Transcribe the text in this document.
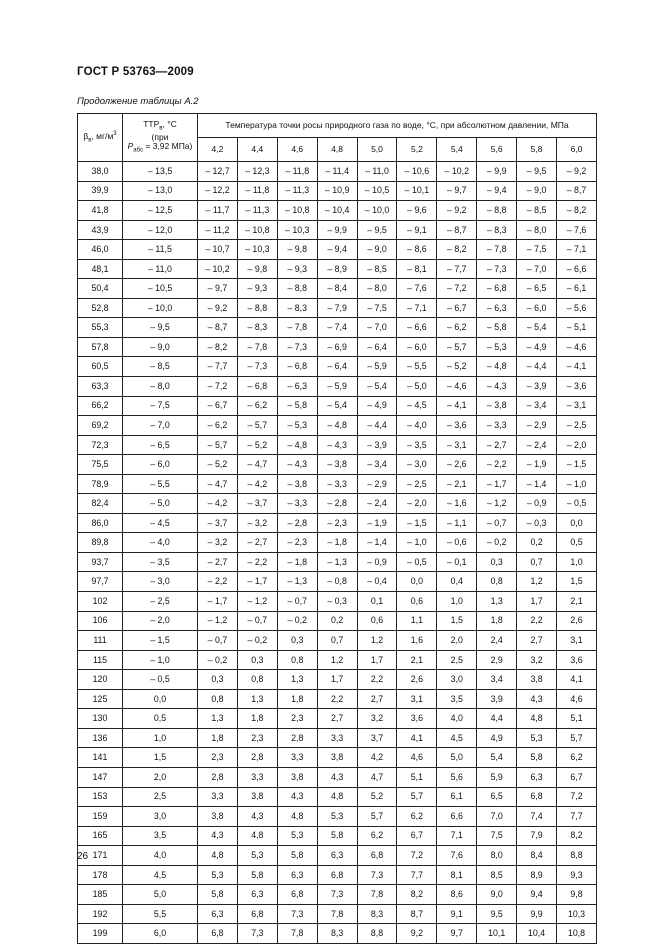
ГОСТ Р 53763—2009
Продолжение таблицы А.2
$\beta_в$, $мг/м^3$	$ТТР_в$, °С
(при
$P_{абс} = 3,92$ МПа)	Температура точки росы природного газа по воде, °С, при абсолютном давлении, МПа									
		4,2	4,4	4,6	4,8	5,0	5,2	5,4	5,6	5,8	6,0
38,0	– 13,5	– 12,7	– 12,3	– 11,8	– 11,4	– 11,0	– 10,6	– 10,2	– 9,9	– 9,5	– 9,2
39,9	– 13,0	– 12,2	– 11,8	– 11,3	– 10,9	– 10,5	– 10,1	– 9,7	– 9,4	– 9,0	– 8,7
41,8	– 12,5	– 11,7	– 11,3	– 10,8	– 10,4	– 10,0	– 9,6	– 9,2	– 8,8	– 8,5	– 8,2
43,9	– 12,0	– 11,2	– 10,8	– 10,3	– 9,9	– 9,5	– 9,1	– 8,7	– 8,3	– 8,0	– 7,6
46,0	– 11,5	– 10,7	– 10,3	– 9,8	– 9,4	– 9,0	– 8,6	– 8,2	– 7,8	– 7,5	– 7,1
48,1	– 11,0	– 10,2	– 9,8	– 9,3	– 8,9	– 8,5	– 8,1	– 7,7	– 7,3	– 7,0	– 6,6
50,4	– 10,5	– 9,7	– 9,3	– 8,8	– 8,4	– 8,0	– 7,6	– 7,2	– 6,8	– 6,5	– 6,1
52,8	– 10,0	– 9,2	– 8,8	– 8,3	– 7,9	– 7,5	– 7,1	– 6,7	– 6,3	– 6,0	– 5,6
55,3	– 9,5	– 8,7	– 8,3	– 7,8	– 7,4	– 7,0	– 6,6	– 6,2	– 5,8	– 5,4	– 5,1
57,8	– 9,0	– 8,2	– 7,8	– 7,3	– 6,9	– 6,4	– 6,0	– 5,7	– 5,3	– 4,9	– 4,6
60,5	– 8,5	– 7,7	– 7,3	– 6,8	– 6,4	– 5,9	– 5,5	– 5,2	– 4,8	– 4,4	– 4,1
63,3	– 8,0	– 7,2	– 6,8	– 6,3	– 5,9	– 5,4	– 5,0	– 4,6	– 4,3	– 3,9	– 3,6
66,2	– 7,5	– 6,7	– 6,2	– 5,8	– 5,4	– 4,9	– 4,5	– 4,1	– 3,8	– 3,4	– 3,1
69,2	– 7,0	– 6,2	– 5,7	– 5,3	– 4,8	– 4,4	– 4,0	– 3,6	– 3,3	– 2,9	– 2,5
72,3	– 6,5	– 5,7	– 5,2	– 4,8	– 4,3	– 3,9	– 3,5	– 3,1	– 2,7	– 2,4	– 2,0
75,5	– 6,0	– 5,2	– 4,7	– 4,3	– 3,8	– 3,4	– 3,0	– 2,6	– 2,2	– 1,9	– 1,5
78,9	– 5,5	– 4,7	– 4,2	– 3,8	– 3,3	– 2,9	– 2,5	– 2,1	– 1,7	– 1,4	– 1,0
82,4	– 5,0	– 4,2	– 3,7	– 3,3	– 2,8	– 2,4	– 2,0	– 1,6	– 1,2	– 0,9	– 0,5
86,0	– 4,5	– 3,7	– 3,2	– 2,8	– 2,3	– 1,9	– 1,5	– 1,1	– 0,7	– 0,3	0,0
89,8	– 4,0	– 3,2	– 2,7	– 2,3	– 1,8	– 1,4	– 1,0	– 0,6	– 0,2	0,2	0,5
93,7	– 3,5	– 2,7	– 2,2	– 1,8	– 1,3	– 0,9	– 0,5	– 0,1	0,3	0,7	1,0
97,7	– 3,0	– 2,2	– 1,7	– 1,3	– 0,8	– 0,4	0,0	0,4	0,8	1,2	1,5
102	– 2,5	– 1,7	– 1,2	– 0,7	– 0,3	0,1	0,6	1,0	1,3	1,7	2,1
106	– 2,0	– 1,2	– 0,7	– 0,2	0,2	0,6	1,1	1,5	1,8	2,2	2,6
111	– 1,5	– 0,7	– 0,2	0,3	0,7	1,2	1,6	2,0	2,4	2,7	3,1
115	– 1,0	– 0,2	0,3	0,8	1,2	1,7	2,1	2,5	2,9	3,2	3,6
120	– 0,5	0,3	0,8	1,3	1,7	2,2	2,6	3,0	3,4	3,8	4,1
125	0,0	0,8	1,3	1,8	2,2	2,7	3,1	3,5	3,9	4,3	4,6
130	0,5	1,3	1,8	2,3	2,7	3,2	3,6	4,0	4,4	4,8	5,1
136	1,0	1,8	2,3	2,8	3,3	3,7	4,1	4,5	4,9	5,3	5,7
141	1,5	2,3	2,8	3,3	3,8	4,2	4,6	5,0	5,4	5,8	6,2
147	2,0	2,8	3,3	3,8	4,3	4,7	5,1	5,6	5,9	6,3	6,7
153	2,5	3,3	3,8	4,3	4,8	5,2	5,7	6,1	6,5	6,8	7,2
159	3,0	3,8	4,3	4,8	5,3	5,7	6,2	6,6	7,0	7,4	7,7
165	3,5	4,3	4,8	5,3	5,8	6,2	6,7	7,1	7,5	7,9	8,2
171	4,0	4,8	5,3	5,8	6,3	6,8	7,2	7,6	8,0	8,4	8,8
178	4,5	5,3	5,8	6,3	6,8	7,3	7,7	8,1	8,5	8,9	9,3
185	5,0	5,8	6,3	6,8	7,3	7,8	8,2	8,6	9,0	9,4	9,8
192	5,5	6,3	6,8	7,3	7,8	8,3	8,7	9,1	9,5	9,9	10,3
199	6,0	6,8	7,3	7,8	8,3	8,8	9,2	9,7	10,1	10,4	10,8
26
